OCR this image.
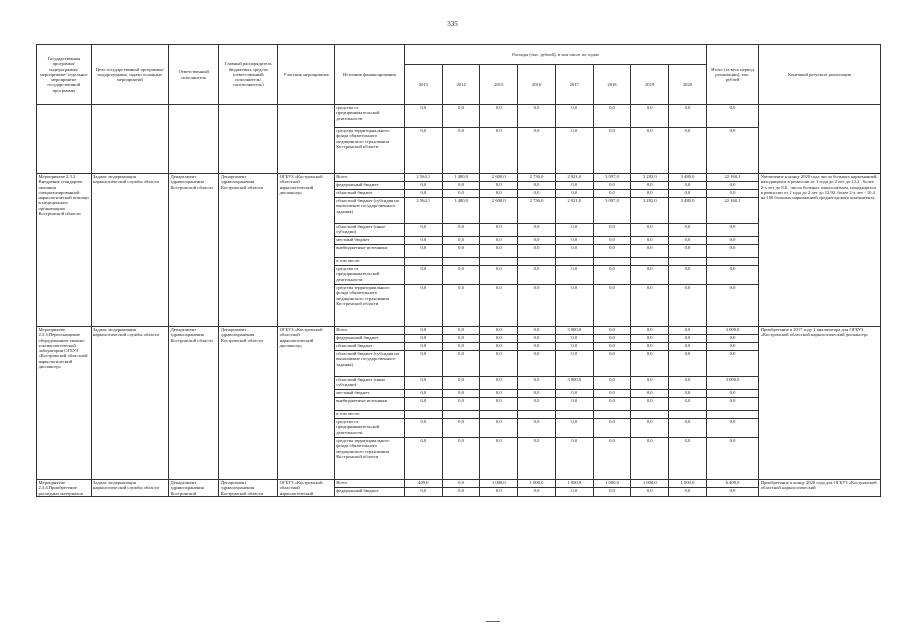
335
Государственная программа/подпрограмма/ мероприятие/ отдельное мероприятие государственной программы	Цель государственной программы/подпрограммы, задачи основных мероприятий	Ответственный исполнитель	Главный распорядитель бюджетных средств (ответственный исполнитель/ соисполнитель)	Участник мероприятия	Источник финансирования	Расходы (тыс. рублей), в том числе по годам								Итого (за весь период реализации), тыс. рублей	Конечный результат реализации
						2013	2014	2015	2016	2017	2018	2019	2020		
					средства от предпринимательской деятельности	0,0	0,0	0,0	0,0	0,0	0,0	0,0	0,0	0,0	
					средства территориального фонда обязательного медицинского страхования Костромской области	0,0	0,0	0,0	0,0	0,0	0,0	0,0	0,0	0,0	
Мероприятие 2.3.2. Внедрение стандартов оказания специализированной наркологической помощи в медицинских организациях Костромской области	Задача: модернизация наркологической службы области	Департамент здравоохранения Костромской области	Департамент здравоохранения Костромской области	ОГБУЗ «Костромской областной наркологический диспансер»	Всего	2 564,1	1 480,0	2 600,0	2 736,0	2 921,0	3 097,0	3 282,0	3 480,0	22 160,1	Увеличение к концу 2020 года числа больных наркоманией, находящихся в ремиссии от 1 года до 2 лет до 12,2 , более 2-х лет до 8,8 , числа больных алкоголизмом, находящихся в ремиссии от 1 года до 2 лет до 12,92, более 2-х лет - 10,4 на 100 больных наркоманией среднегодового контингента.
					федеральный бюджет	0,0	0,0	0,0	0,0	0,0	0,0	0,0	0,0	0,0	
					областной бюджет	0,0	0,0	0,0	0,0	0,0	0,0	0,0	0,0	0,0	
					областной бюджет (субсидия на выполнение государственного задания)	2 564,1	1 480,0	2 600,0	2 736,0	2 921,0	3 097,0	3 282,0	3 480,0	22 160,1	
					областной бюджет (иные субсидии)	0,0	0,0	0,0	0,0	0,0	0,0	0,0	0,0	0,0	
					местный бюджет	0,0	0,0	0,0	0,0	0,0	0,0	0,0	0,0	0,0	
					внебюджетные источники	0,0	0,0	0,0	0,0	0,0	0,0	0,0	0,0	0,0	
					в том числе:										
					средства от предпринимательской деятельности	0,0	0,0	0,0	0,0	0,0	0,0	0,0	0,0	0,0	
					средства территориального фонда обязательного медицинского страхования Костромской области	0,0	0,0	0,0	0,0	0,0	0,0	0,0	0,0	0,0	
Мероприятие 2.3.3.Переоснащение оборудованием химико-токсикологической лаборатории ОГБУЗ «Костромской областной наркологический диспансер»	Задача: модернизация наркологической службы области	Департамент здравоохранения Костромской области	Департамент здравоохранения Костромской области	ОГБУЗ «Костромской областной наркологический диспансер»	Всего	0,0	0,0	0,0	0,0	3 000,0	0,0	0,0	0,0	3 000,0	Приобретение в 2017 году 1 анализатора для ОГБУЗ «Костромской областной наркологический диспансер»
					федеральный бюджет	0,0	0,0	0,0	0,0	0,0	0,0	0,0	0,0	0,0	
					областной бюджет	0,0	0,0	0,0	0,0	0,0	0,0	0,0	0,0	0,0	
					областной бюджет (субсидия на выполнение государственного задания)	0,0	0,0	0,0	0,0	0,0	0,0	0,0	0,0	0,0	
					областной бюджет (иные субсидии)	0,0	0,0	0,0	0,0	3 000,0	0,0	0,0	0,0	3 000,0	
					местный бюджет	0,0	0,0	0,0	0,0	0,0	0,0	0,0	0,0	0,0	
					внебюджетные источники	0,0	0,0	0,0	0,0	0,0	0,0	0,0	0,0	0,0	
					в том числе:										
					средства от предпринимательской деятельности	0,0	0,0	0,0	0,0	0,0	0,0	0,0	0,0	0,0	
					средства территориального фонда обязательного медицинского страхования Костромской области	0,0	0,0	0,0	0,0	0,0	0,0	0,0	0,0	0,0	
Мероприятие 2.3.4.Приобретение расходных материалов	Задача: модернизация наркологической службы области	Департамент здравоохранения Костромской	Департамент здравоохранения Костромской области	ОГБУЗ «Костромской областной наркологический	Всего	409,0	0,0	1 000,0	1 000,0	1 000,0	1 000,0	1 000,0	1 000,0	6 409,0	Приобретение к концу 2020 года для ОГБУЗ «Костромской областной наркологический
					федеральный бюджет	0,0	0,0	0,0	0,0	0,0	0,0	0,0	0,0	0,0	
